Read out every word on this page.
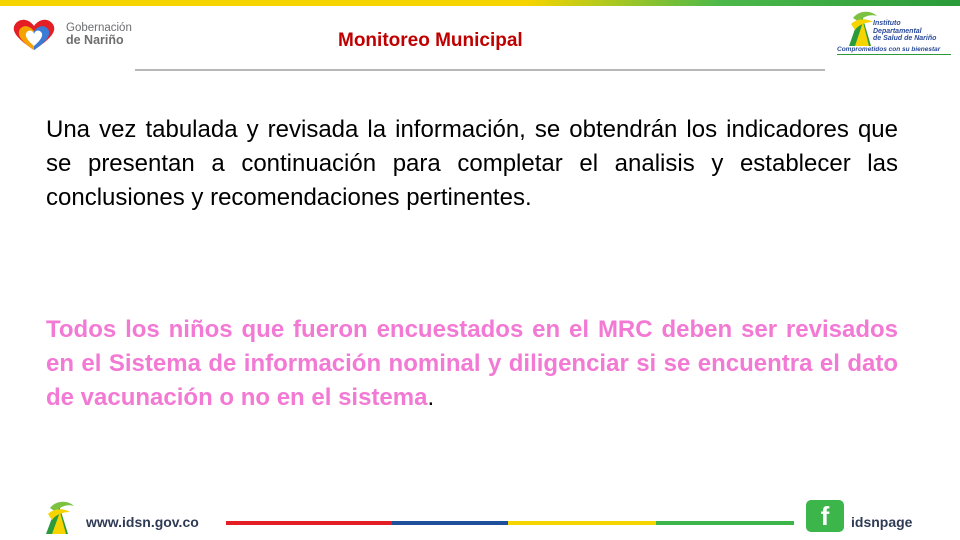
Gobernación
de Nariño	Monitoreo Municipal
Instituto
Departamental
de Salud de Nariño
Comprometidos con su bienestar
Una vez tabulada y revisada la información, se obtendrán los indicadores que se presentan a continuación para completar el analisis y establecer las conclusiones y recomendaciones pertinentes.
Todos los niños que fueron encuestados en el MRC deben ser revisados en el Sistema de información nominal y diligenciar si se encuentra el dato de vacunación o no en el sistema.
www.idsn.gov.co	f	idsnpage
